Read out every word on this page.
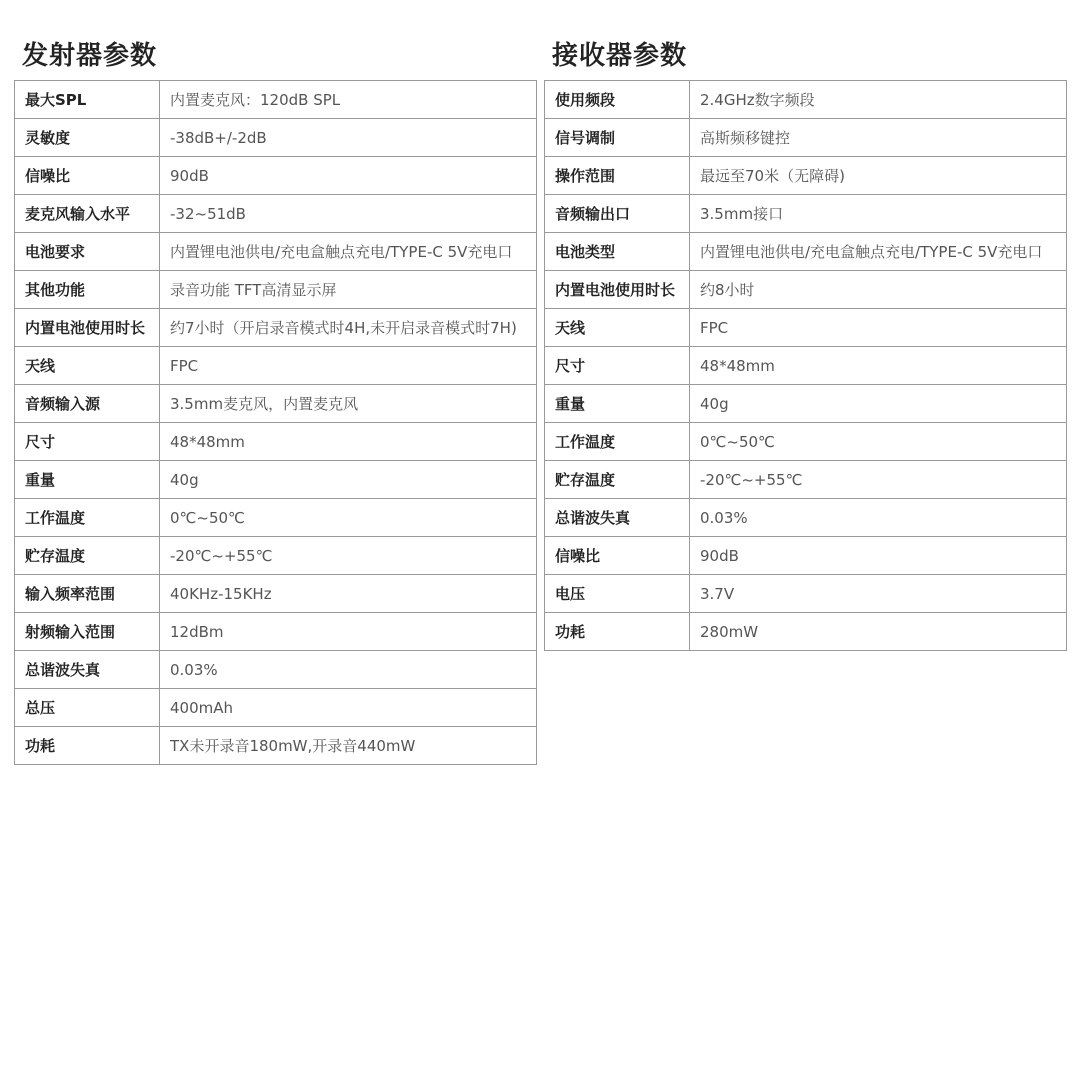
发射器参数
最大SPL	内置麦克风：120dB SPL
灵敏度	-38dB+/-2dB
信噪比	90dB
麦克风输入水平	-32~51dB
电池要求	内置锂电池供电/充电盒触点充电/TYPE-C 5V充电口
其他功能	录音功能 TFT高清显示屏
内置电池使用时长	约7小时（开启录音模式时4H,未开启录音模式时7H)
天线	FPC
音频输入源	3.5mm麦克风，内置麦克风
尺寸	48*48mm
重量	40g
工作温度	0℃~50℃
贮存温度	-20℃~+55℃
输入频率范围	40KHz-15KHz
射频输入范围	12dBm
总谐波失真	0.03%
总压	400mAh
功耗	TX未开录音180mW,开录音440mW
接收器参数
使用频段	2.4GHz数字频段
信号调制	高斯频移键控
操作范围	最远至70米（无障碍)
音频输出口	3.5mm接口
电池类型	内置锂电池供电/充电盒触点充电/TYPE-C 5V充电口
内置电池使用时长	约8小时
天线	FPC
尺寸	48*48mm
重量	40g
工作温度	0℃~50℃
贮存温度	-20℃~+55℃
总谐波失真	0.03%
信噪比	90dB
电压	3.7V
功耗	280mW
